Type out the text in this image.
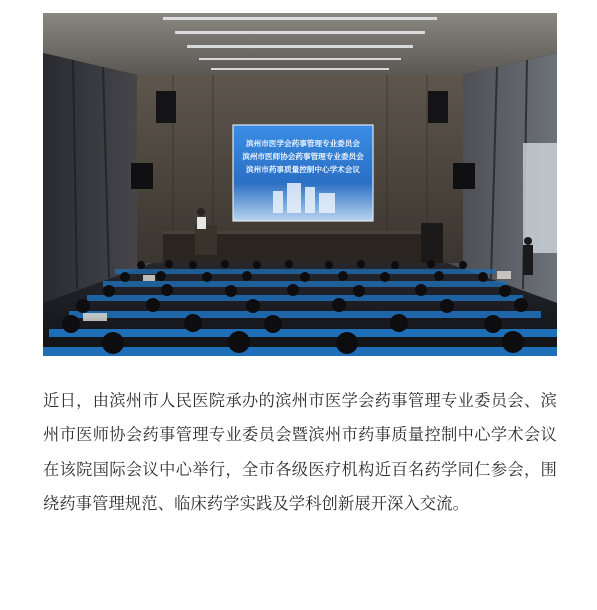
滨州市医学会药事管理专业委员会
滨州市医师协会药事管理专业委员会
滨州市药事质量控制中心学术会议

近日，由滨州市人民医院承办的滨州市医学会药事管理专业委员会、滨州市医师协会药事管理专业委员会暨滨州市药事质量控制中心学术会议在该院国际会议中心举行，全市各级医疗机构近百名药学同仁参会，围绕药事管理规范、临床药学实践及学科创新展开深入交流。
